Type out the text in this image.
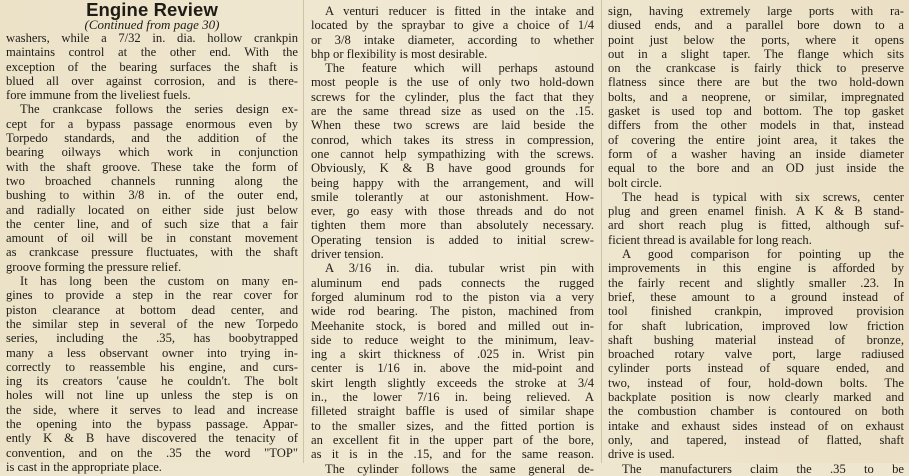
Engine Review
(Continued from page 30)
washers, while a 7/32 in. dia. hollow crankpin
maintains control at the other end. With the
exception of the bearing surfaces the shaft is
blued all over against corrosion, and is there-
fore immune from the liveliest fuels.
The crankcase follows the series design ex-
cept for a bypass passage enormous even by
Torpedo standards, and the addition of the
bearing oilways which work in conjunction
with the shaft groove. These take the form of
two broached channels running along the
bushing to within 3/8 in. of the outer end,
and radially located on either side just below
the center line, and of such size that a fair
amount of oil will be in constant movement
as crankcase pressure fluctuates, with the shaft
groove forming the pressure relief.
It has long been the custom on many en-
gines to provide a step in the rear cover for
piston clearance at bottom dead center, and
the similar step in several of the new Torpedo
series, including the .35, has boobytrapped
many a less observant owner into trying in-
correctly to reassemble his engine, and curs-
ing its creators 'cause he couldn't. The bolt
holes will not line up unless the step is on
the side, where it serves to lead and increase
the opening into the bypass passage. Appar-
ently K & B have discovered the tenacity of
convention, and on the .35 the word "TOP"
is cast in the appropriate place.
A venturi reducer is fitted in the intake and
located by the spraybar to give a choice of 1/4
or 3/8 intake diameter, according to whether
bhp or flexibility is most desirable.
The feature which will perhaps astound
most people is the use of only two hold-down
screws for the cylinder, plus the fact that they
are the same thread size as used on the .15.
When these two screws are laid beside the
conrod, which takes its stress in compression,
one cannot help sympathizing with the screws.
Obviously, K & B have good grounds for
being happy with the arrangement, and will
smile tolerantly at our astonishment. How-
ever, go easy with those threads and do not
tighten them more than absolutely necessary.
Operating tension is added to initial screw-
driver tension.
A 3/16 in. dia. tubular wrist pin with
aluminum end pads connects the rugged
forged aluminum rod to the piston via a very
wide rod bearing. The piston, machined from
Meehanite stock, is bored and milled out in-
side to reduce weight to the minimum, leav-
ing a skirt thickness of .025 in. Wrist pin
center is 1/16 in. above the mid-point and
skirt length slightly exceeds the stroke at 3/4
in., the lower 7/16 in. being relieved. A
filleted straight baffle is used of similar shape
to the smaller sizes, and the fitted portion is
an excellent fit in the upper part of the bore,
as it is in the .15, and for the same reason.
The cylinder follows the same general de-
sign, having extremely large ports with ra-
diused ends, and a parallel bore down to a
point just below the ports, where it opens
out in a slight taper. The flange which sits
on the crankcase is fairly thick to preserve
flatness since there are but the two hold-down
bolts, and a neoprene, or similar, impregnated
gasket is used top and bottom. The top gasket
differs from the other models in that, instead
of covering the entire joint area, it takes the
form of a washer having an inside diameter
equal to the bore and an OD just inside the
bolt circle.
The head is typical with six screws, center
plug and green enamel finish. A K & B stand-
ard short reach plug is fitted, although suf-
ficient thread is available for long reach.
A good comparison for pointing up the
improvements in this engine is afforded by
the fairly recent and slightly smaller .23. In
brief, these amount to a ground instead of
tool finished crankpin, improved provision
for shaft lubrication, improved low friction
shaft bushing material instead of bronze,
broached rotary valve port, large radiused
cylinder ports instead of square ended, and
two, instead of four, hold-down bolts. The
backplate position is now clearly marked and
the combustion chamber is contoured on both
intake and exhaust sides instead of on exhaust
only, and tapered, instead of flatted, shaft
drive is used.
The manufacturers claim the .35 to be
